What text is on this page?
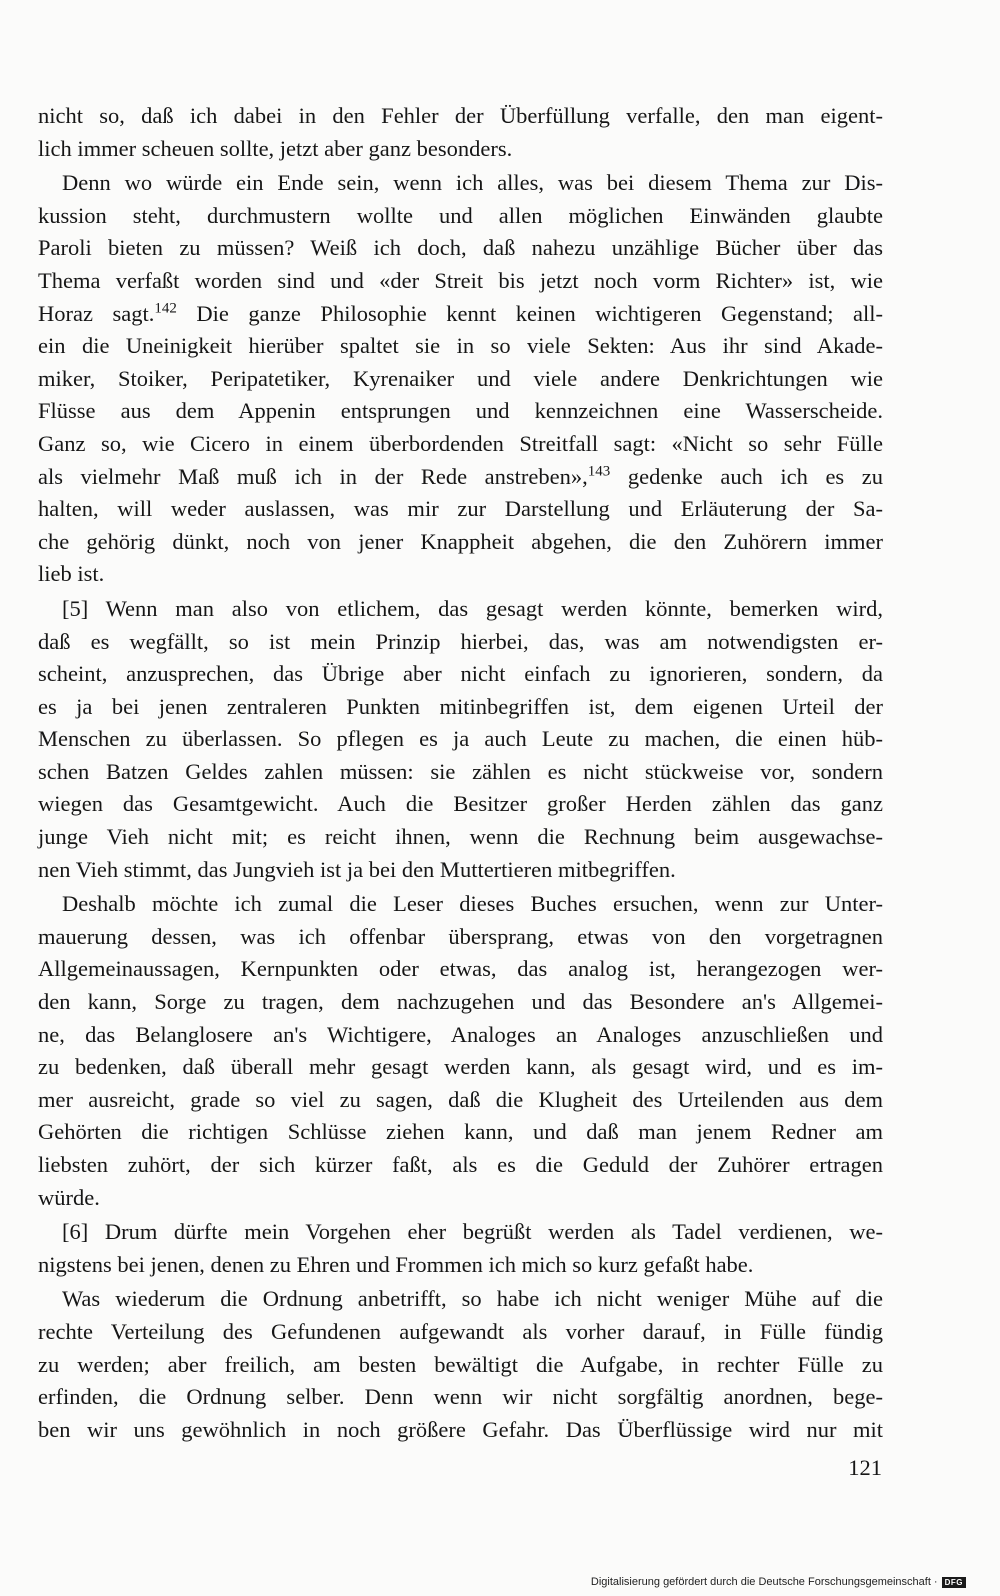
nicht so, daß ich dabei in den Fehler der Überfüllung verfalle, den man eigent-
lich immer scheuen sollte, jetzt aber ganz besonders.
Denn wo würde ein Ende sein, wenn ich alles, was bei diesem Thema zur Dis-
kussion steht, durchmustern wollte und allen möglichen Einwänden glaubte
Paroli bieten zu müssen? Weiß ich doch, daß nahezu unzählige Bücher über das
Thema verfaßt worden sind und «der Streit bis jetzt noch vorm Richter» ist, wie
Horaz sagt.$^{142}$ Die ganze Philosophie kennt keinen wichtigeren Gegenstand; all-
ein die Uneinigkeit hierüber spaltet sie in so viele Sekten: Aus ihr sind Akade-
miker, Stoiker, Peripatetiker, Kyrenaiker und viele andere Denkrichtungen wie
Flüsse aus dem Appenin entsprungen und kennzeichnen eine Wasserscheide.
Ganz so, wie Cicero in einem überbordenden Streitfall sagt: «Nicht so sehr Fülle
als vielmehr Maß muß ich in der Rede anstreben»,$^{143}$ gedenke auch ich es zu
halten, will weder auslassen, was mir zur Darstellung und Erläuterung der Sa-
che gehörig dünkt, noch von jener Knappheit abgehen, die den Zuhörern immer
lieb ist.
[5] Wenn man also von etlichem, das gesagt werden könnte, bemerken wird,
daß es wegfällt, so ist mein Prinzip hierbei, das, was am notwendigsten er-
scheint, anzusprechen, das Übrige aber nicht einfach zu ignorieren, sondern, da
es ja bei jenen zentraleren Punkten mitinbegriffen ist, dem eigenen Urteil der
Menschen zu überlassen. So pflegen es ja auch Leute zu machen, die einen hüb-
schen Batzen Geldes zahlen müssen: sie zählen es nicht stückweise vor, sondern
wiegen das Gesamtgewicht. Auch die Besitzer großer Herden zählen das ganz
junge Vieh nicht mit; es reicht ihnen, wenn die Rechnung beim ausgewachse-
nen Vieh stimmt, das Jungvieh ist ja bei den Muttertieren mitbegriffen.
Deshalb möchte ich zumal die Leser dieses Buches ersuchen, wenn zur Unter-
mauerung dessen, was ich offenbar übersprang, etwas von den vorgetragnen
Allgemeinaussagen, Kernpunkten oder etwas, das analog ist, herangezogen wer-
den kann, Sorge zu tragen, dem nachzugehen und das Besondere an's Allgemei-
ne, das Belanglosere an's Wichtigere, Analoges an Analoges anzuschließen und
zu bedenken, daß überall mehr gesagt werden kann, als gesagt wird, und es im-
mer ausreicht, grade so viel zu sagen, daß die Klugheit des Urteilenden aus dem
Gehörten die richtigen Schlüsse ziehen kann, und daß man jenem Redner am
liebsten zuhört, der sich kürzer faßt, als es die Geduld der Zuhörer ertragen
würde.
[6] Drum dürfte mein Vorgehen eher begrüßt werden als Tadel verdienen, we-
nigstens bei jenen, denen zu Ehren und Frommen ich mich so kurz gefaßt habe.
Was wiederum die Ordnung anbetrifft, so habe ich nicht weniger Mühe auf die
rechte Verteilung des Gefundenen aufgewandt als vorher darauf, in Fülle fündig
zu werden; aber freilich, am besten bewältigt die Aufgabe, in rechter Fülle zu
erfinden, die Ordnung selber. Denn wenn wir nicht sorgfältig anordnen, bege-
ben wir uns gewöhnlich in noch größere Gefahr. Das Überflüssige wird nur mit
121
Digitalisierung gefördert durch die Deutsche Forschungsgemeinschaft · DFG
